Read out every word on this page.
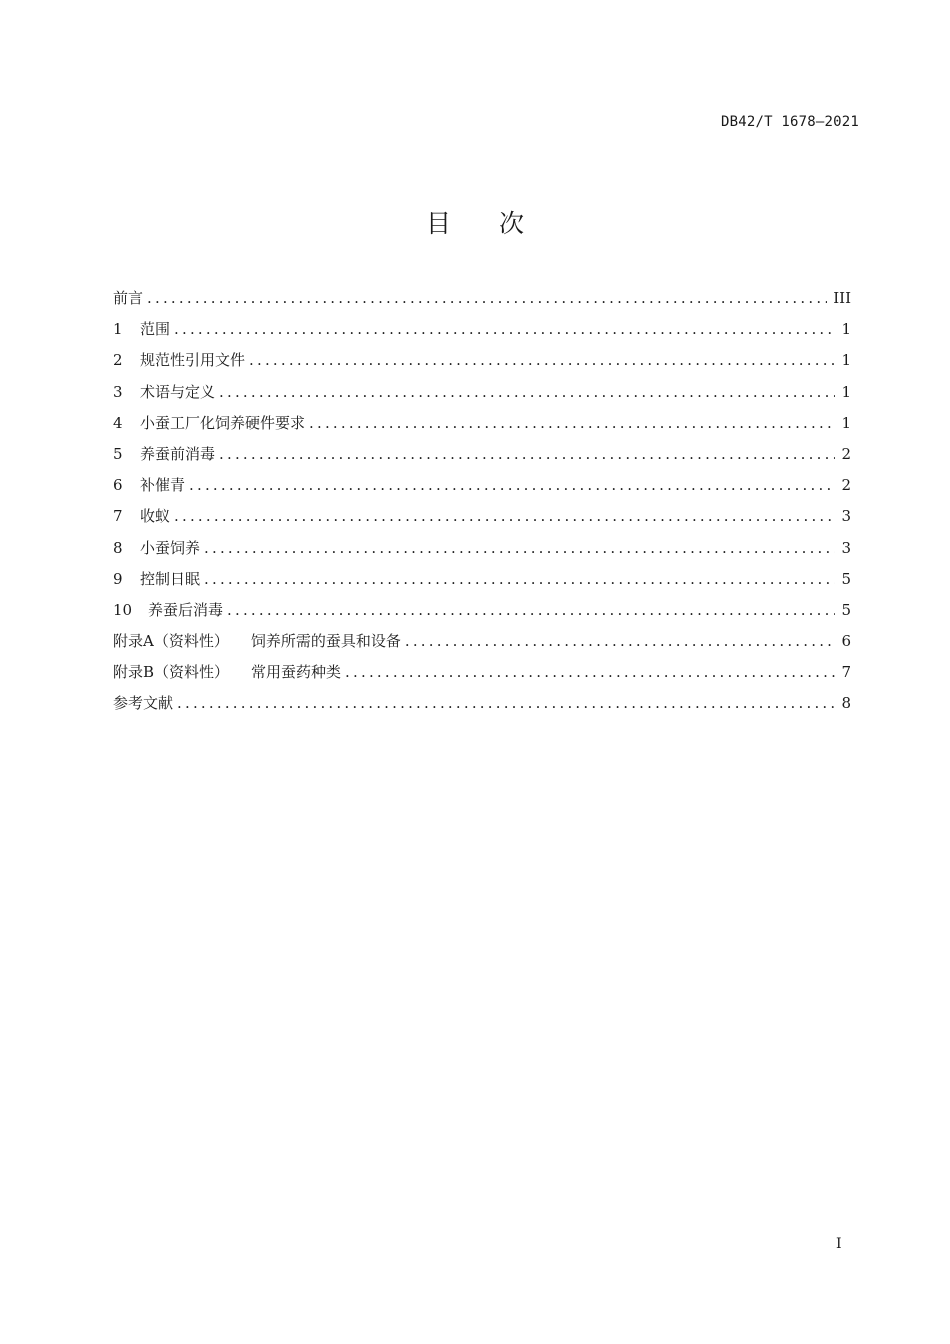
DB42/T 1678—2021
目 次
前言 .....	III
1 范围 .....	1
2 规范性引用文件 .....	1
3 术语与定义 .....	1
4 小蚕工厂化饲养硬件要求 .....	1
5 养蚕前消毒 .....	2
6 补催青 .....	2
7 收蚁 .....	3
8 小蚕饲养 .....	3
9 控制日眠 .....	5
10 养蚕后消毒 .....	5
附录A（资料性） 饲养所需的蚕具和设备 .....	6
附录B（资料性） 常用蚕药种类 .....	7
参考文献 .....	8
I
